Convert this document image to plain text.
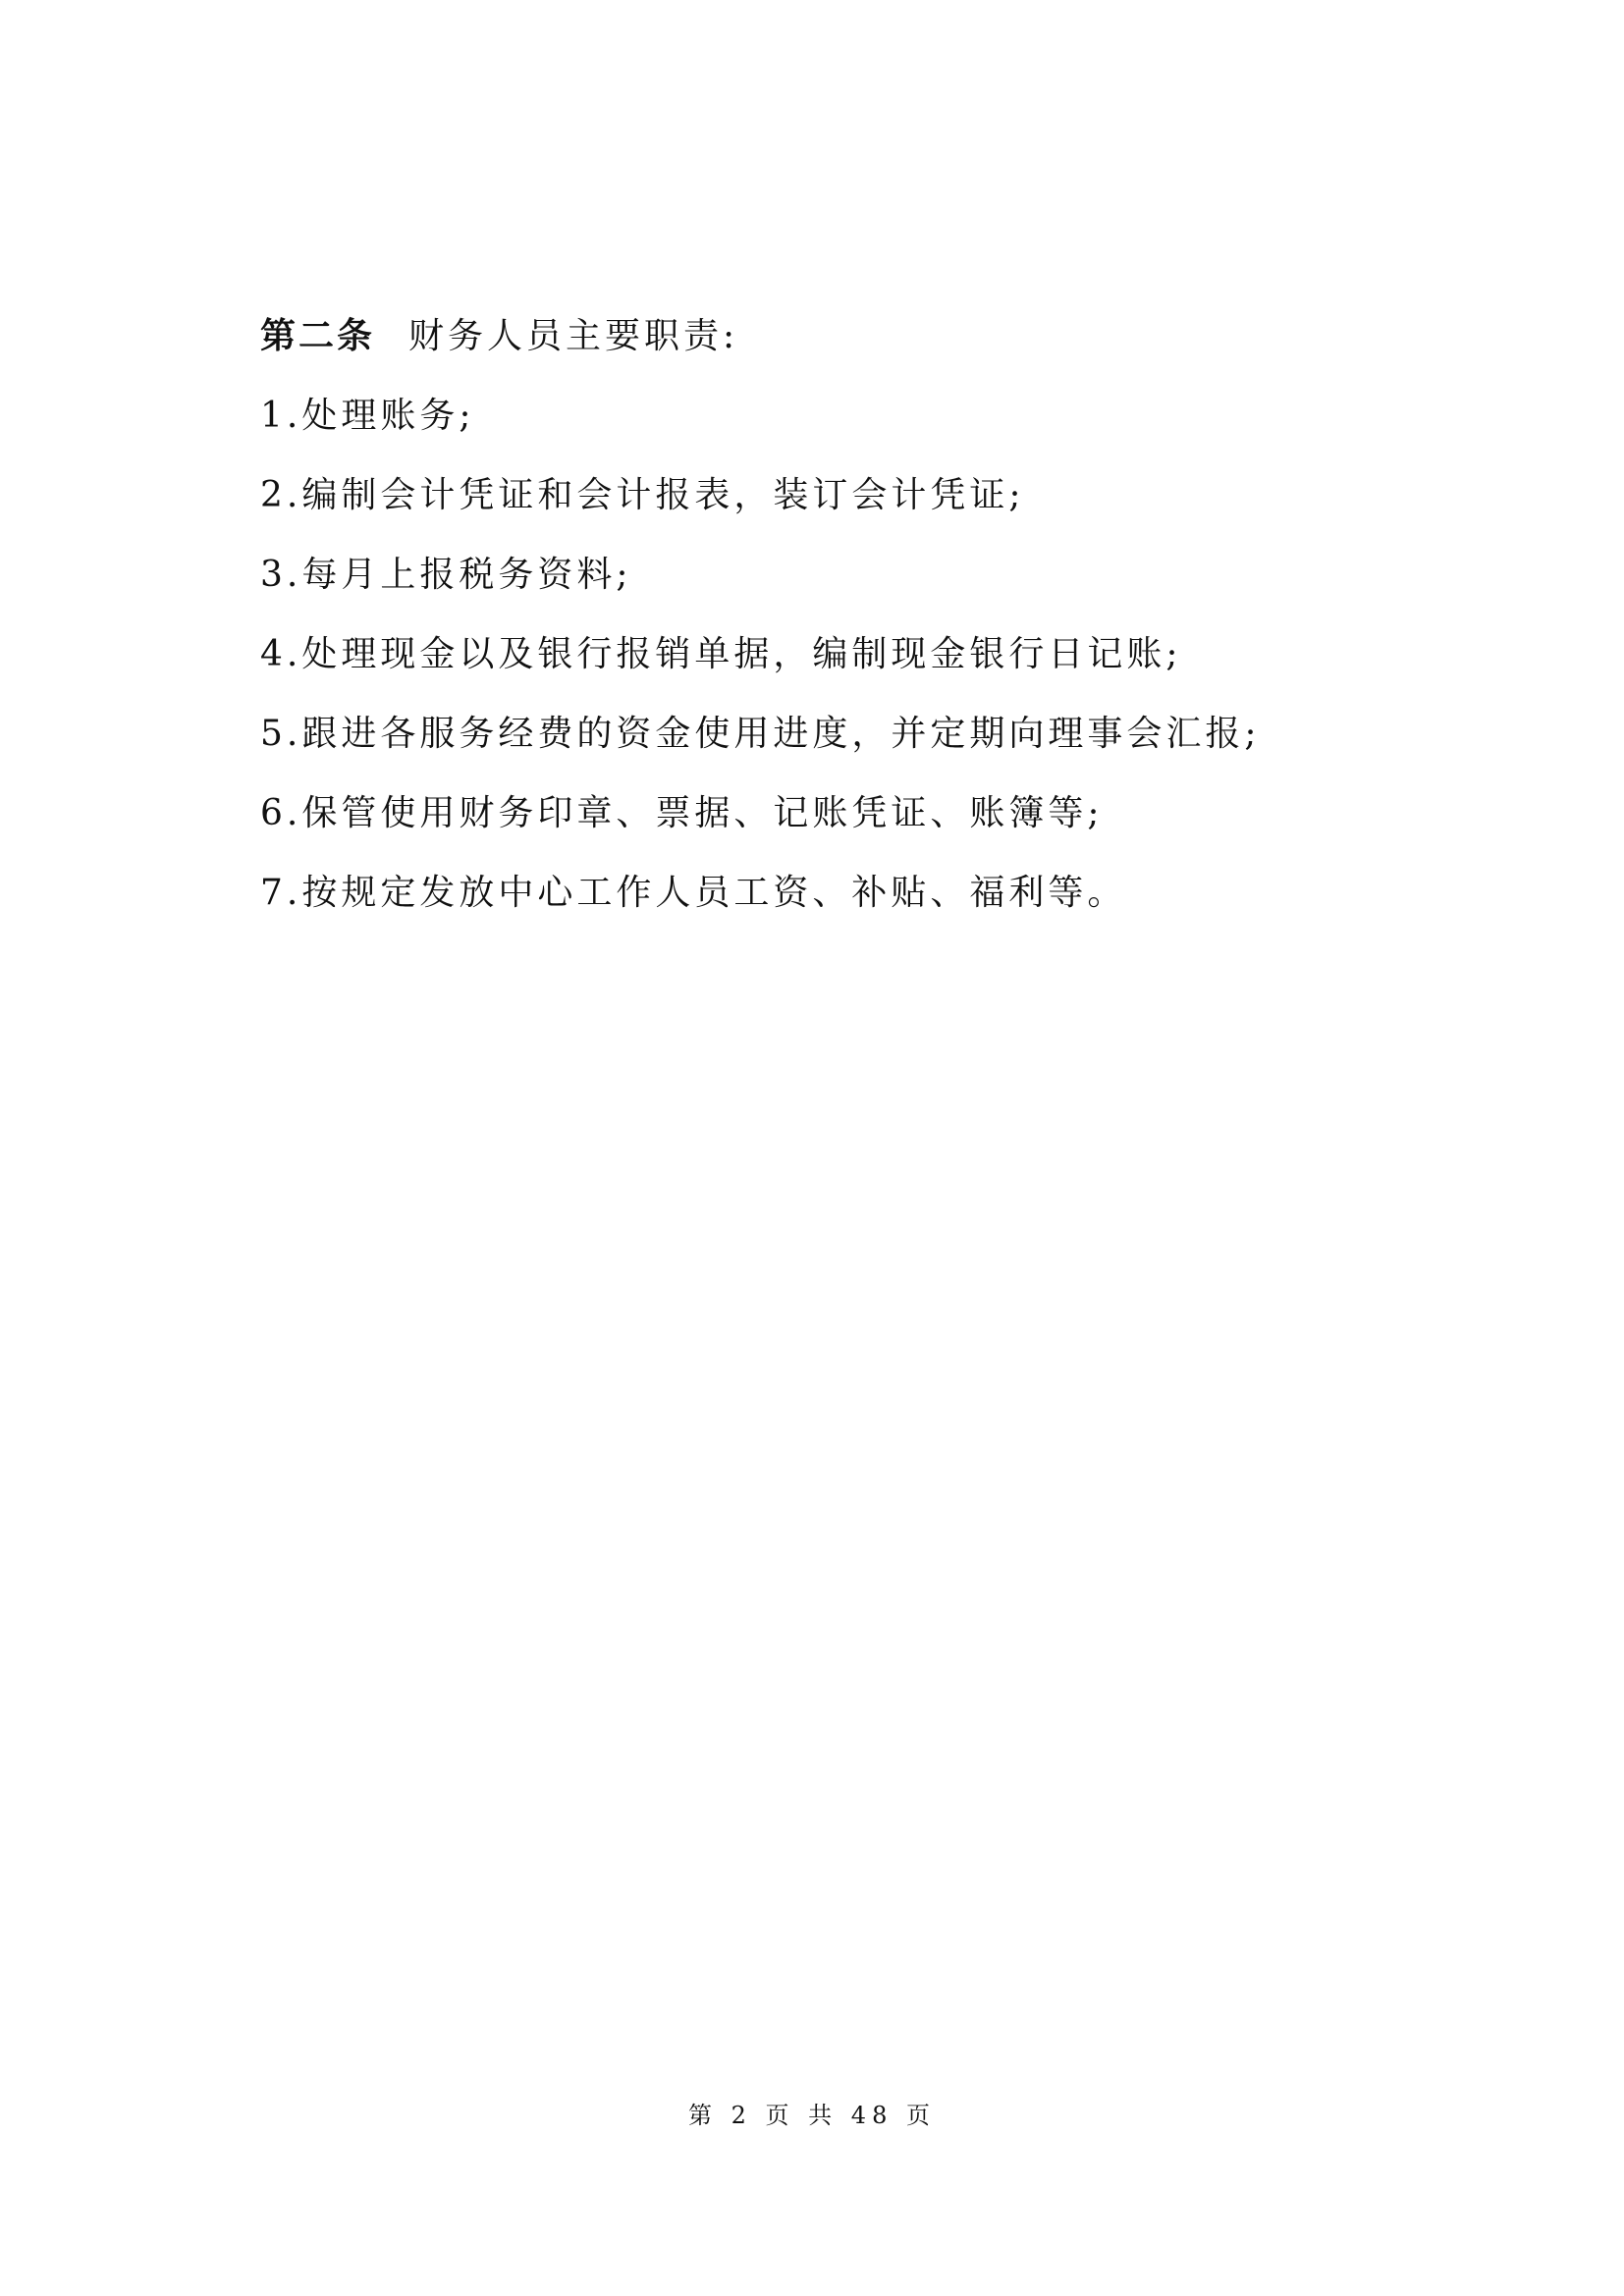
第二条 财务人员主要职责:
1.处理账务;
2.编制会计凭证和会计报表，装订会计凭证;
3.每月上报税务资料;
4.处理现金以及银行报销单据，编制现金银行日记账;
5.跟进各服务经费的资金使用进度，并定期向理事会汇报;
6.保管使用财务印章、票据、记账凭证、账簿等;
7.按规定发放中心工作人员工资、补贴、福利等。
第 2 页 共 48 页
